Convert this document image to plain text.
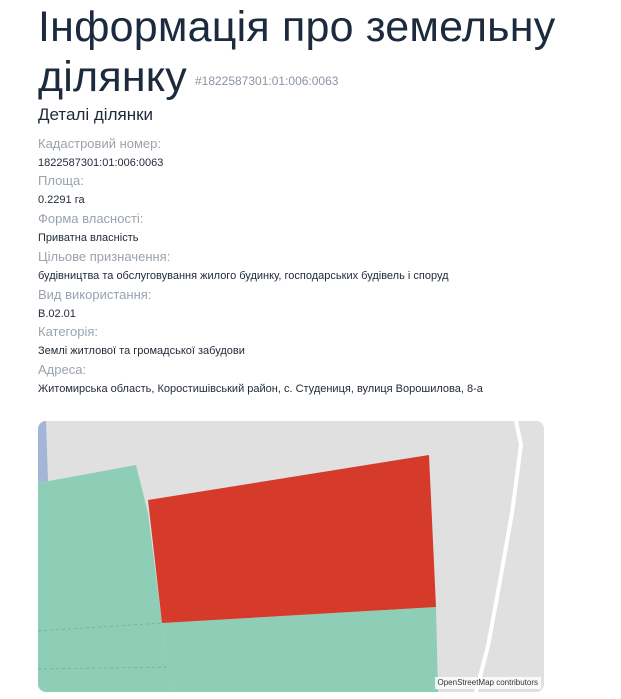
Інформація про земельну ділянку #1822587301:01:006:0063
Деталі ділянки
Кадастровий номер:
1822587301:01:006:0063
Площа:
0.2291 га
Форма власності:
Приватна власність
Цільове призначення:
будівництва та обслуговування жилого будинку, господарських будівель і споруд
Вид використання:
В.02.01
Категорія:
Землі житлової та громадської забудови
Адреса:
Житомирська область, Коростишівський район, с. Студениця, вулиця Ворошилова, 8-а
OpenStreetMap contributors
